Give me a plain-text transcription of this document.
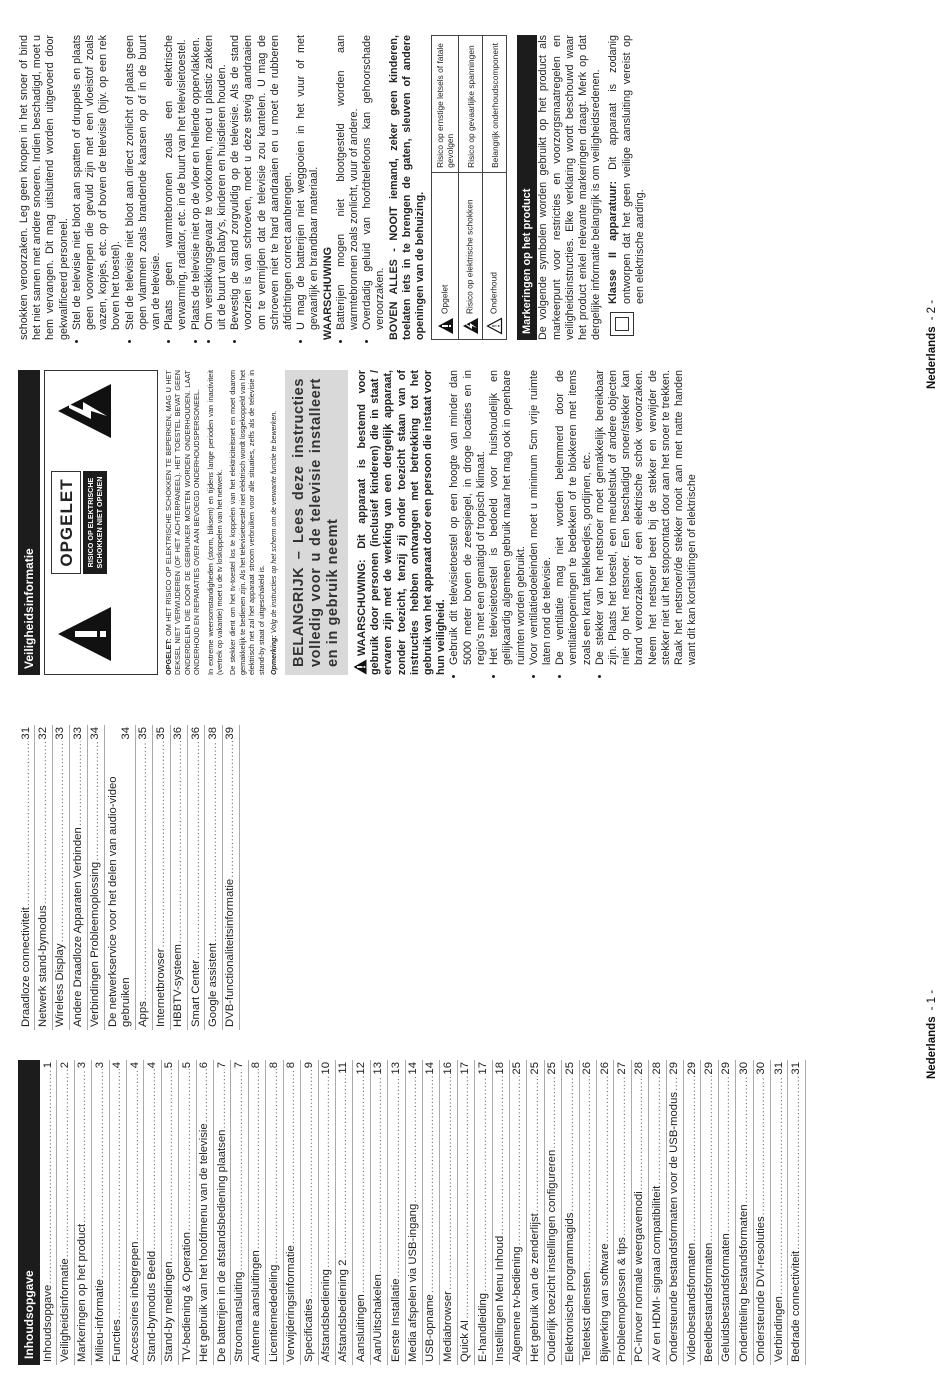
Inhoudsopgave Inhoudsopgave
.....
1
Veiligheidsinformatie
.....
2
Markeringen op het product
.....
3
Milieu-informatie
.....
3
Functies
.....
4
Accessoires inbegrepen
.....
4
Stand-bymodus Beeld
.....
4
Stand-by meldingen
.....
5
TV-bediening & Operation
.....
5
Het gebruik van het hoofdmenu van de televisie
.....
6
De batterijen in de afstandsbediening plaatsen
.....
7
Stroomaansluiting
.....
7
Antenne aansluitingen
.....
8
Licentiemededeling
.....
8
Verwijderingsinformatie
.....
8
Specificaties
.....
9
Afstandsbediening
.....
10
Afstandsbediening 2
.....
11
Aansluitingen
.....
12
Aan/Uitschakelen
.....
13
Eerste Installatie
.....
13
Media afspelen via USB-ingang
.....
14
USB-opname
.....
14
Mediabrowser
.....
16
Quick AI
.....
17
E-handleiding
.....
17
Instellingen Menu Inhoud
.....
18
Algemene tv-bediening
.....
25
Het gebruik van de zenderlijst
.....
25
Ouderlijk toezicht instellingen configureren
.....
25
Elektronische programmagids
.....
25
Teletekst diensten
.....
26
Bijwerking van software
.....
26
Probleemoplossen & tips
.....
27
PC-invoer normale weergavemodi
.....
28
AV en HDMI- signaal compatibiliteit
.....
28
Ondersteunde bestandsformaten voor de USB-modus
.....
29
Videobestandsformaten
.....
29
Beeldbestandsformaten
.....
29
Geluidsbestandsformaten
.....
29
Ondertiteling bestandsformaten
.....
30
Ondersteunde DVI-resoluties
.....
30
Verbindingen
.....
31
Bedrade connectiviteit
.....
31
Draadloze connectiviteit
.....
31
Netwerk stand-bymodus
.....
32
Wireless Display
.....
33
Andere Draadloze Apparaten Verbinden
.....
33
Verbindingen Probleemoplossing
.....
34
De netwerkservice voor het delen van audio-video gebruiken
34
Apps
.....
35
Internetbrowser
.....
35
HBBTV-systeem
.....
36
Smart Center
.....
36
Google assistent
.....
38
DVB-functionaliteitsinformatie
.....
39
Nederlands- 1 -
Veiligheidsinformatie
OPGELET	RISICO OP ELEKTRISCHE SCHOKKEN NIET OPENEN

OPGELET: OM HET RISICO OP ELEKTRISCHE SCHOKKEN TE BEPERKEN, MAG U HET DEKSEL NIET VERWIJDEREN (OF HET ACHTERPANEEL). HET TOESTEL BEVAT GEEN ONDERDELEN DIE DOOR DE GEBRUIKER MOETEN WORDEN ONDERHOUDEN. LAAT ONDERHOUD EN REPARATIES OVER AAN BEVOEGD ONDERHOUDSPERSONEEL. In extreme weersomstandigheden (storm, bliksem) en tijdens lange perioden van inactiviteit (vertrek op vakantie) moet u de tv loskoppelen van het netwerk. De stekker dient om het tv-toestel los te koppelen van het elektriciteitsnet en moet daarom gemakkelijk te bedienen zijn. Als het televisietoestel niet elektrisch wordt losgekoppeld van het elektrisch net zal het apparaat stroom verbruiken voor alle situaties, zelfs als de televisie in stand-by staat of uitgeschakeld is. Opmerking: Volg de instructies op het scherm om de verwante functie te bewerken. BELANGRIJK – Lees deze instructies volledig voor u de televisie installeert en in gebruik neemt	WAARSCHUWING: Dit apparaat is bestemd voor gebruik door personen (inclusief kinderen) die in staat / ervaren zijn met de werking van een dergelijk apparaat, zonder toezicht, tenzij zij onder toezicht staan van of instructies hebben ontvangen met betrekking tot het gebruik van het apparaat door een persoon die instaat voor hun veiligheid. • Gebruik dit televisietoestel op een hoogte van minder dan 5000 meter boven de zeespiegel, in droge locaties en in regio's met een gematigd of tropisch klimaat. • Het televisietoestel is bedoeld voor huishoudelijk en gelijkaardig algemeen gebruik maar het mag ook in openbare ruimten worden gebruikt. • Voor ventilatiedoeleinden moet u minimum 5cm vrije ruimte laten rond de televisie. • De ventilatie mag niet worden belemmerd door de ventilatieopeningen te bedekken of te blokkeren met items zoals een krant, tafelkleedjes, gordijnen, etc. • De stekker van het netsnoer moet gemakkelijk bereikbaar zijn. Plaats het toestel, een meubelstuk of andere objecten niet op het netsnoer. Een beschadigd snoer/stekker kan brand veroorzaken of een elektrische schok veroorzaken. Neem het netsnoer beet bij de stekker en verwijder de stekker niet uit het stopcontact door aan het snoer te trekken. Raak het netsnoer/de stekker nooit aan met natte handen want dit kan kortsluitingen of elektrische

schokken veroorzaken. Leg geen knopen in het snoer of bind het niet samen met andere snoeren. Indien beschadigd, moet u hem vervangen. Dit mag uitsluitend worden uitgevoerd door gekwalificeerd personeel. • Stel de televisie niet bloot aan spatten of druppels en plaats geen voorwerpen die gevuld zijn met een vloeistof zoals vazen, kopjes, etc. op of boven de televisie (bijv. op een rek boven het toestel). • Stel de televisie niet bloot aan direct zonlicht of plaats geen open vlammen zoals brandende kaarsen op of in de buurt van de televisie. • Plaats geen warmtebronnen zoals een elektrische verwarming, radiator, etc. in de buurt van het televisietoestel. • Plaats de televisie niet op de vloer en hellende oppervlakken. • Om verstikkingsgevaar te voorkomen, moet u plastic zakken uit de buurt van baby's, kinderen en huisdieren houden. • Bevestig de stand zorgvuldig op de televisie. Als de stand voorzien is van schroeven, moet u deze stevig aandraaien om te vermijden dat de televisie zou kantelen. U mag de schroeven niet te hard aandraaien en u moet de rubberen afdichtingen correct aanbrengen. • U mag de batterijen niet weggooien in het vuur of met gevaarlijk en brandbaar materiaal. WAARSCHUWING • Batterijen mogen niet blootgesteld worden aan warmtebronnen zoals zonlicht, vuur of andere. • Overdadig geluid van hoofdtelefoons kan gehoorschade veroorzaken. BOVEN ALLES - NOOIT iemand, zeker geen kinderen, toelaten iets in te brengen de gaten, sleuven of andere openingen van de behuizing. Opgelet	Risico op ernstige letsels of fatale gevolgen
Risico op elektrische schokken	Risico op gevaarlijke spanningen
Onderhoud	Belangrijk onderhoudscomponent
Markeringen op het product De volgende symbolen worden gebruikt op het product als markeerpunt voor restricties en voorzorgsmaatregelen en veiligheidsinstructies. Elke verklaring wordt beschouwd waar het product enkel relevante markeringen draagt. Merk op dat dergelijke informatie belangrijk is om veiligheidsredenen. Klasse II apparatuur: Dit apparaat is zodanig ontworpen dat het geen veilige aansluiting vereist op een elektrische aarding.

Nederlands- 2 -
